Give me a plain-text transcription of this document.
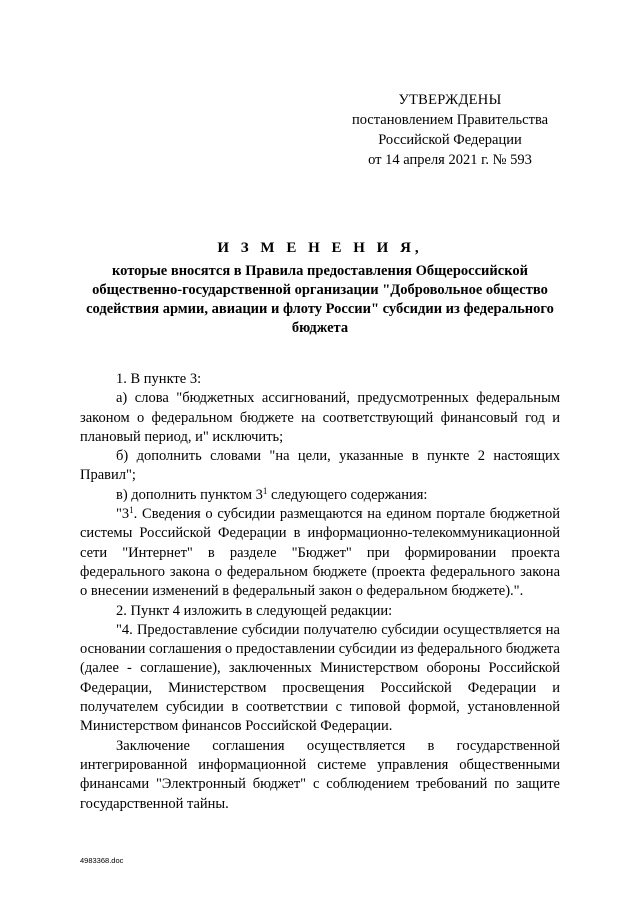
УТВЕРЖДЕНЫ
постановлением Правительства
Российской Федерации
от 14 апреля 2021 г. № 593
И З М Е Н Е Н И Я,
которые вносятся в Правила предоставления Общероссийской общественно-государственной организации "Добровольное общество содействия армии, авиации и флоту России" субсидии из федерального бюджета

1. В пункте 3:

а) слова "бюджетных ассигнований, предусмотренных федеральным законом о федеральном бюджете на соответствующий финансовый год и плановый период, и" исключить;

б) дополнить словами "на цели, указанные в пункте 2 настоящих Правил";

в) дополнить пунктом $3^1$ следующего содержания:

"$3^1$. Сведения о субсидии размещаются на едином портале бюджетной системы Российской Федерации в информационно-телекоммуникационной сети "Интернет" в разделе "Бюджет" при формировании проекта федерального закона о федеральном бюджете (проекта федерального закона о внесении изменений в федеральный закон о федеральном бюджете).".

2. Пункт 4 изложить в следующей редакции:

"4. Предоставление субсидии получателю субсидии осуществляется на основании соглашения о предоставлении субсидии из федерального бюджета (далее - соглашение), заключенных Министерством обороны Российской Федерации, Министерством просвещения Российской Федерации и получателем субсидии в соответствии с типовой формой, установленной Министерством финансов Российской Федерации.

Заключение соглашения осуществляется в государственной интегрированной информационной системе управления общественными финансами "Электронный бюджет" с соблюдением требований по защите государственной тайны.

4983368.doc
